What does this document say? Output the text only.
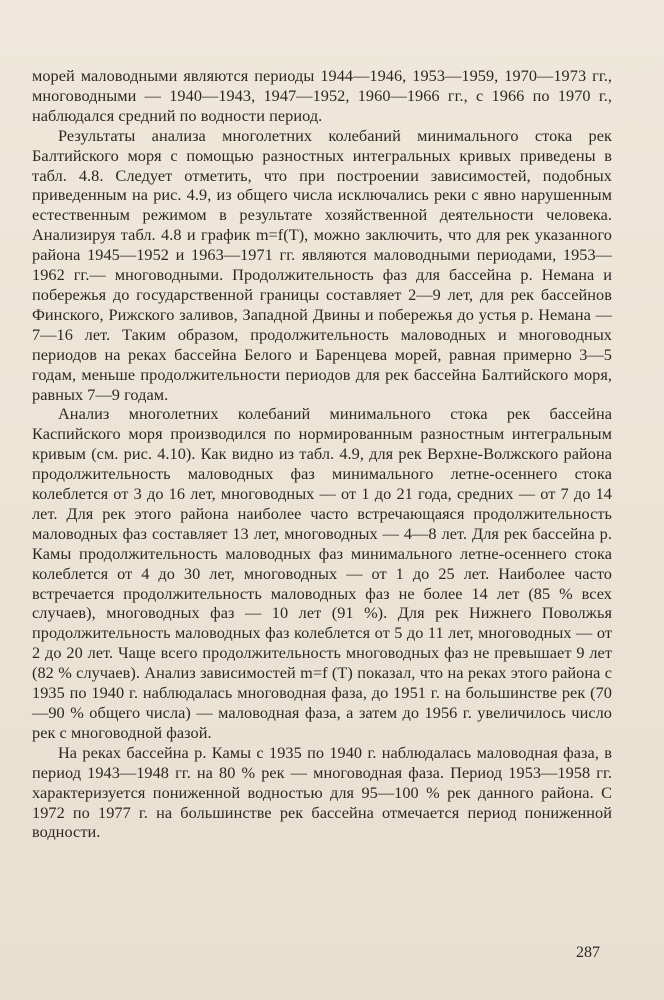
морей маловодными являются периоды 1944—1946, 1953—1959, 1970—1973 гг., многоводными — 1940—1943, 1947—1952, 1960—1966 гг., с 1966 по 1970 г., наблюдался средний по водности период.

Результаты анализа многолетних колебаний минимального стока рек Балтийского моря с помощью разностных интегральных кривых приведены в табл. 4.8. Следует отметить, что при построении зависимостей, подобных приведенным на рис. 4.9, из общего числа исключались реки с явно нарушенным естественным режимом в результате хозяйственной деятельности человека. Анализируя табл. 4.8 и график m=f(T), можно заключить, что для рек указанного района 1945—1952 и 1963—1971 гг. являются маловодными периодами, 1953—1962 гг.— многоводными. Продолжительность фаз для бассейна р. Немана и побережья до государственной границы составляет 2—9 лет, для рек бассейнов Финского, Рижского заливов, Западной Двины и побережья до устья р. Немана — 7—16 лет. Таким образом, продолжительность маловодных и многоводных периодов на реках бассейна Белого и Баренцева морей, равная примерно 3—5 годам, меньше продолжительности периодов для рек бассейна Балтийского моря, равных 7—9 годам.

Анализ многолетних колебаний минимального стока рек бассейна Каспийского моря производился по нормированным разностным интегральным кривым (см. рис. 4.10). Как видно из табл. 4.9, для рек Верхне-Волжского района продолжительность маловодных фаз минимального летне-осеннего стока колеблется от 3 до 16 лет, многоводных — от 1 до 21 года, средних — от 7 до 14 лет. Для рек этого района наиболее часто встречающаяся продолжительность маловодных фаз составляет 13 лет, многоводных — 4—8 лет. Для рек бассейна р. Камы продолжительность маловодных фаз минимального летне-осеннего стока колеблется от 4 до 30 лет, многоводных — от 1 до 25 лет. Наиболее часто встречается продолжительность маловодных фаз не более 14 лет (85 % всех случаев), многоводных фаз — 10 лет (91 %). Для рек Нижнего Поволжья продолжительность маловодных фаз колеблется от 5 до 11 лет, многоводных — от 2 до 20 лет. Чаще всего продолжительность многоводных фаз не превышает 9 лет (82 % случаев). Анализ зависимостей m=f (T) показал, что на реках этого района с 1935 по 1940 г. наблюдалась многоводная фаза, до 1951 г. на большинстве рек (70—90 % общего числа) — маловодная фаза, а затем до 1956 г. увеличилось число рек с многоводной фазой.

На реках бассейна р. Камы с 1935 по 1940 г. наблюдалась маловодная фаза, в период 1943—1948 гг. на 80 % рек — многоводная фаза. Период 1953—1958 гг. характеризуется пониженной водностью для 95—100 % рек данного района. С 1972 по 1977 г. на большинстве рек бассейна отмечается период пониженной водности.

287
